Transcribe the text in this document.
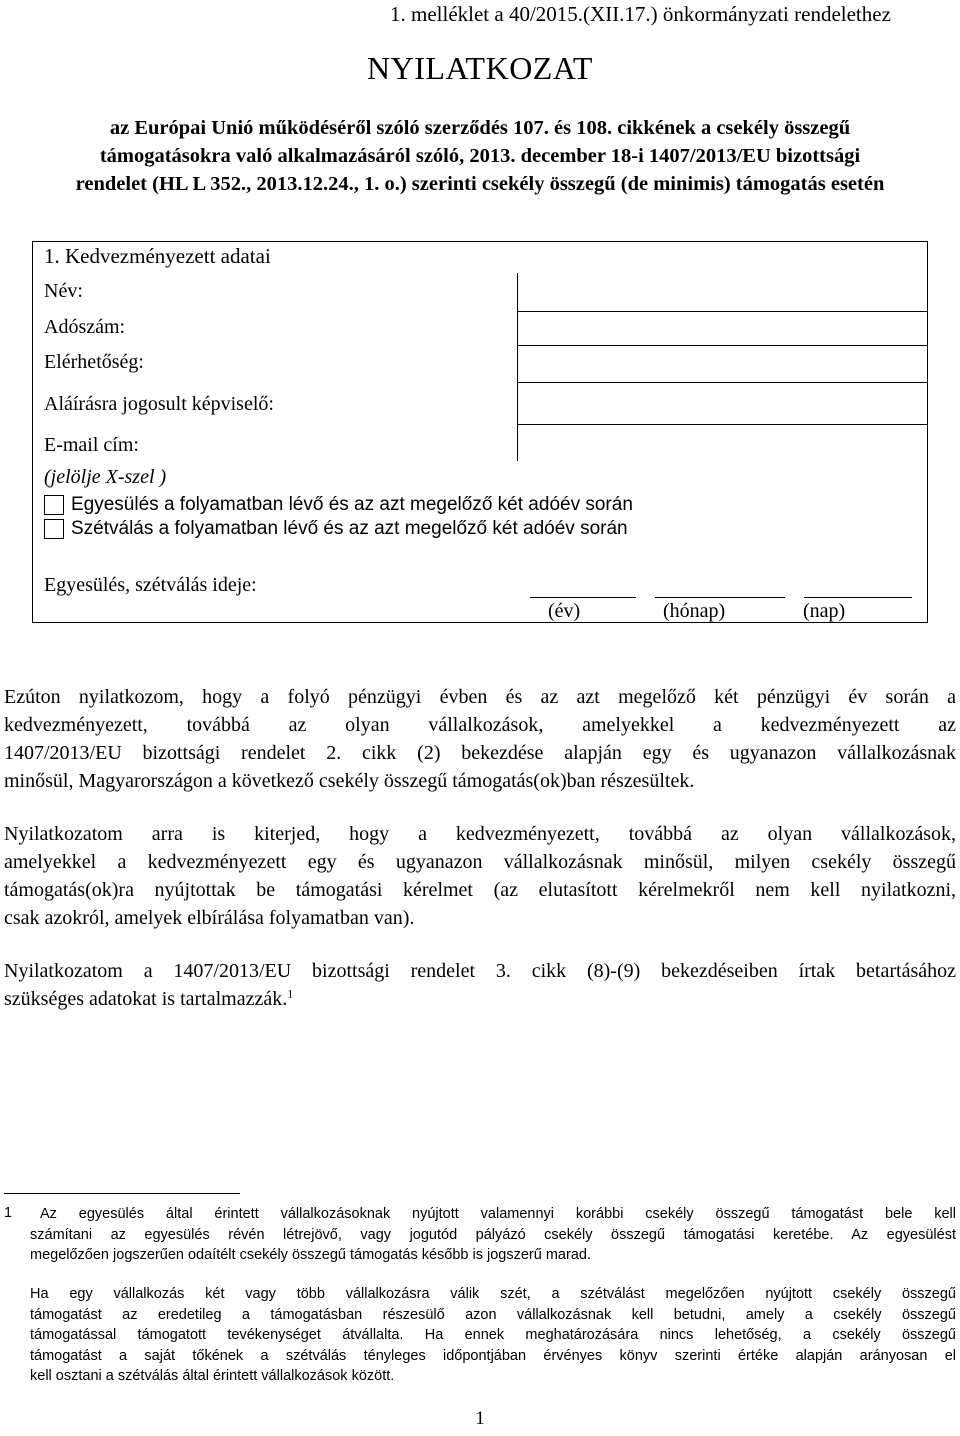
1. melléklet a 40/2015.(XII.17.) önkormányzati rendelethez
NYILATKOZAT
az Európai Unió működéséről szóló szerződés 107. és 108. cikkének a csekély összegű
támogatásokra való alkalmazásáról szóló, 2013. december 18-i 1407/2013/EU bizottsági
rendelet (HL L 352., 2013.12.24., 1. o.) szerinti csekély összegű (de minimis) támogatás esetén
1. Kedvezményezett adatai
Név:
Adószám:
Elérhetőség:
Aláírásra jogosult képviselő:
E-mail cím:
(jelölje X-szel )
Egyesülés a folyamatban lévő és az azt megelőző két adóév során
Szétválás a folyamatban lévő és az azt megelőző két adóév során
Egyesülés, szétválás ideje:
(év)	(hónap)	(nap)
Ezúton nyilatkozom, hogy a folyó pénzügyi évben és az azt megelőző két pénzügyi év során a
kedvezményezett, továbbá az olyan vállalkozások, amelyekkel a kedvezményezett az
1407/2013/EU bizottsági rendelet 2. cikk (2) bekezdése alapján egy és ugyanazon vállalkozásnak
minősül, Magyarországon a következő csekély összegű támogatás(ok)ban részesültek.
Nyilatkozatom arra is kiterjed, hogy a kedvezményezett, továbbá az olyan vállalkozások,
amelyekkel a kedvezményezett egy és ugyanazon vállalkozásnak minősül, milyen csekély összegű
támogatás(ok)ra nyújtottak be támogatási kérelmet (az elutasított kérelmekről nem kell nyilatkozni,
csak azokról, amelyek elbírálása folyamatban van).
Nyilatkozatom a 1407/2013/EU bizottsági rendelet 3. cikk (8)-(9) bekezdéseiben írtak betartásához
szükséges adatokat is tartalmazzák.$^1$
1	Az egyesülés által érintett vállalkozásoknak nyújtott valamennyi korábbi csekély összegű támogatást bele kell
számítani az egyesülés révén létrejövő, vagy jogutód pályázó csekély összegű támogatási keretébe. Az egyesülést
megelőzően jogszerűen odaítélt csekély összegű támogatás később is jogszerű marad.
Ha egy vállalkozás két vagy több vállalkozásra válik szét, a szétválást megelőzően nyújtott csekély összegű
támogatást az eredetileg a támogatásban részesülő azon vállalkozásnak kell betudni, amely a csekély összegű
támogatással támogatott tevékenységet átvállalta. Ha ennek meghatározására nincs lehetőség, a csekély összegű
támogatást a saját tőkének a szétválás tényleges időpontjában érvényes könyv szerinti értéke alapján arányosan el
kell osztani a szétválás által érintett vállalkozások között.
1
